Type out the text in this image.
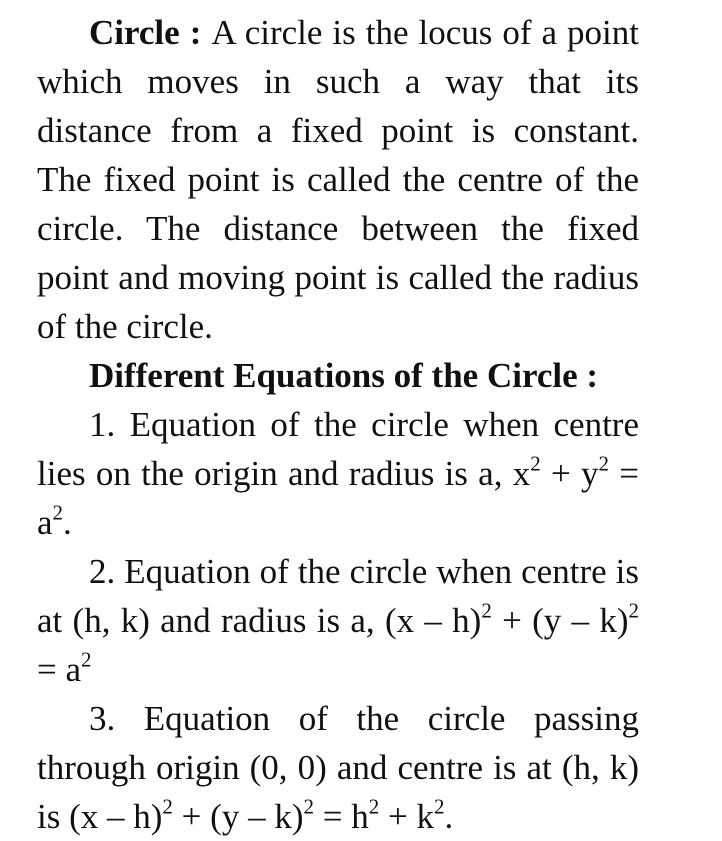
Circle : A circle is the locus of a point which moves in such a way that its distance from a fixed point is constant. The fixed point is called the centre of the circle. The distance between the fixed point and moving point is called the radius of the circle.

Different Equations of the Circle :

1. Equation of the circle when centre lies on the origin and radius is a, $x^2 + y^2 = a^2$.

2. Equation of the circle when centre is at (h, k) and radius is a, $(x - h)^2 + (y - k)^2 = a^2$

3. Equation of the circle passing through origin (0, 0) and centre is at (h, k) is $(x - h)^2 + (y - k)^2 = h^2 + k^2$.
